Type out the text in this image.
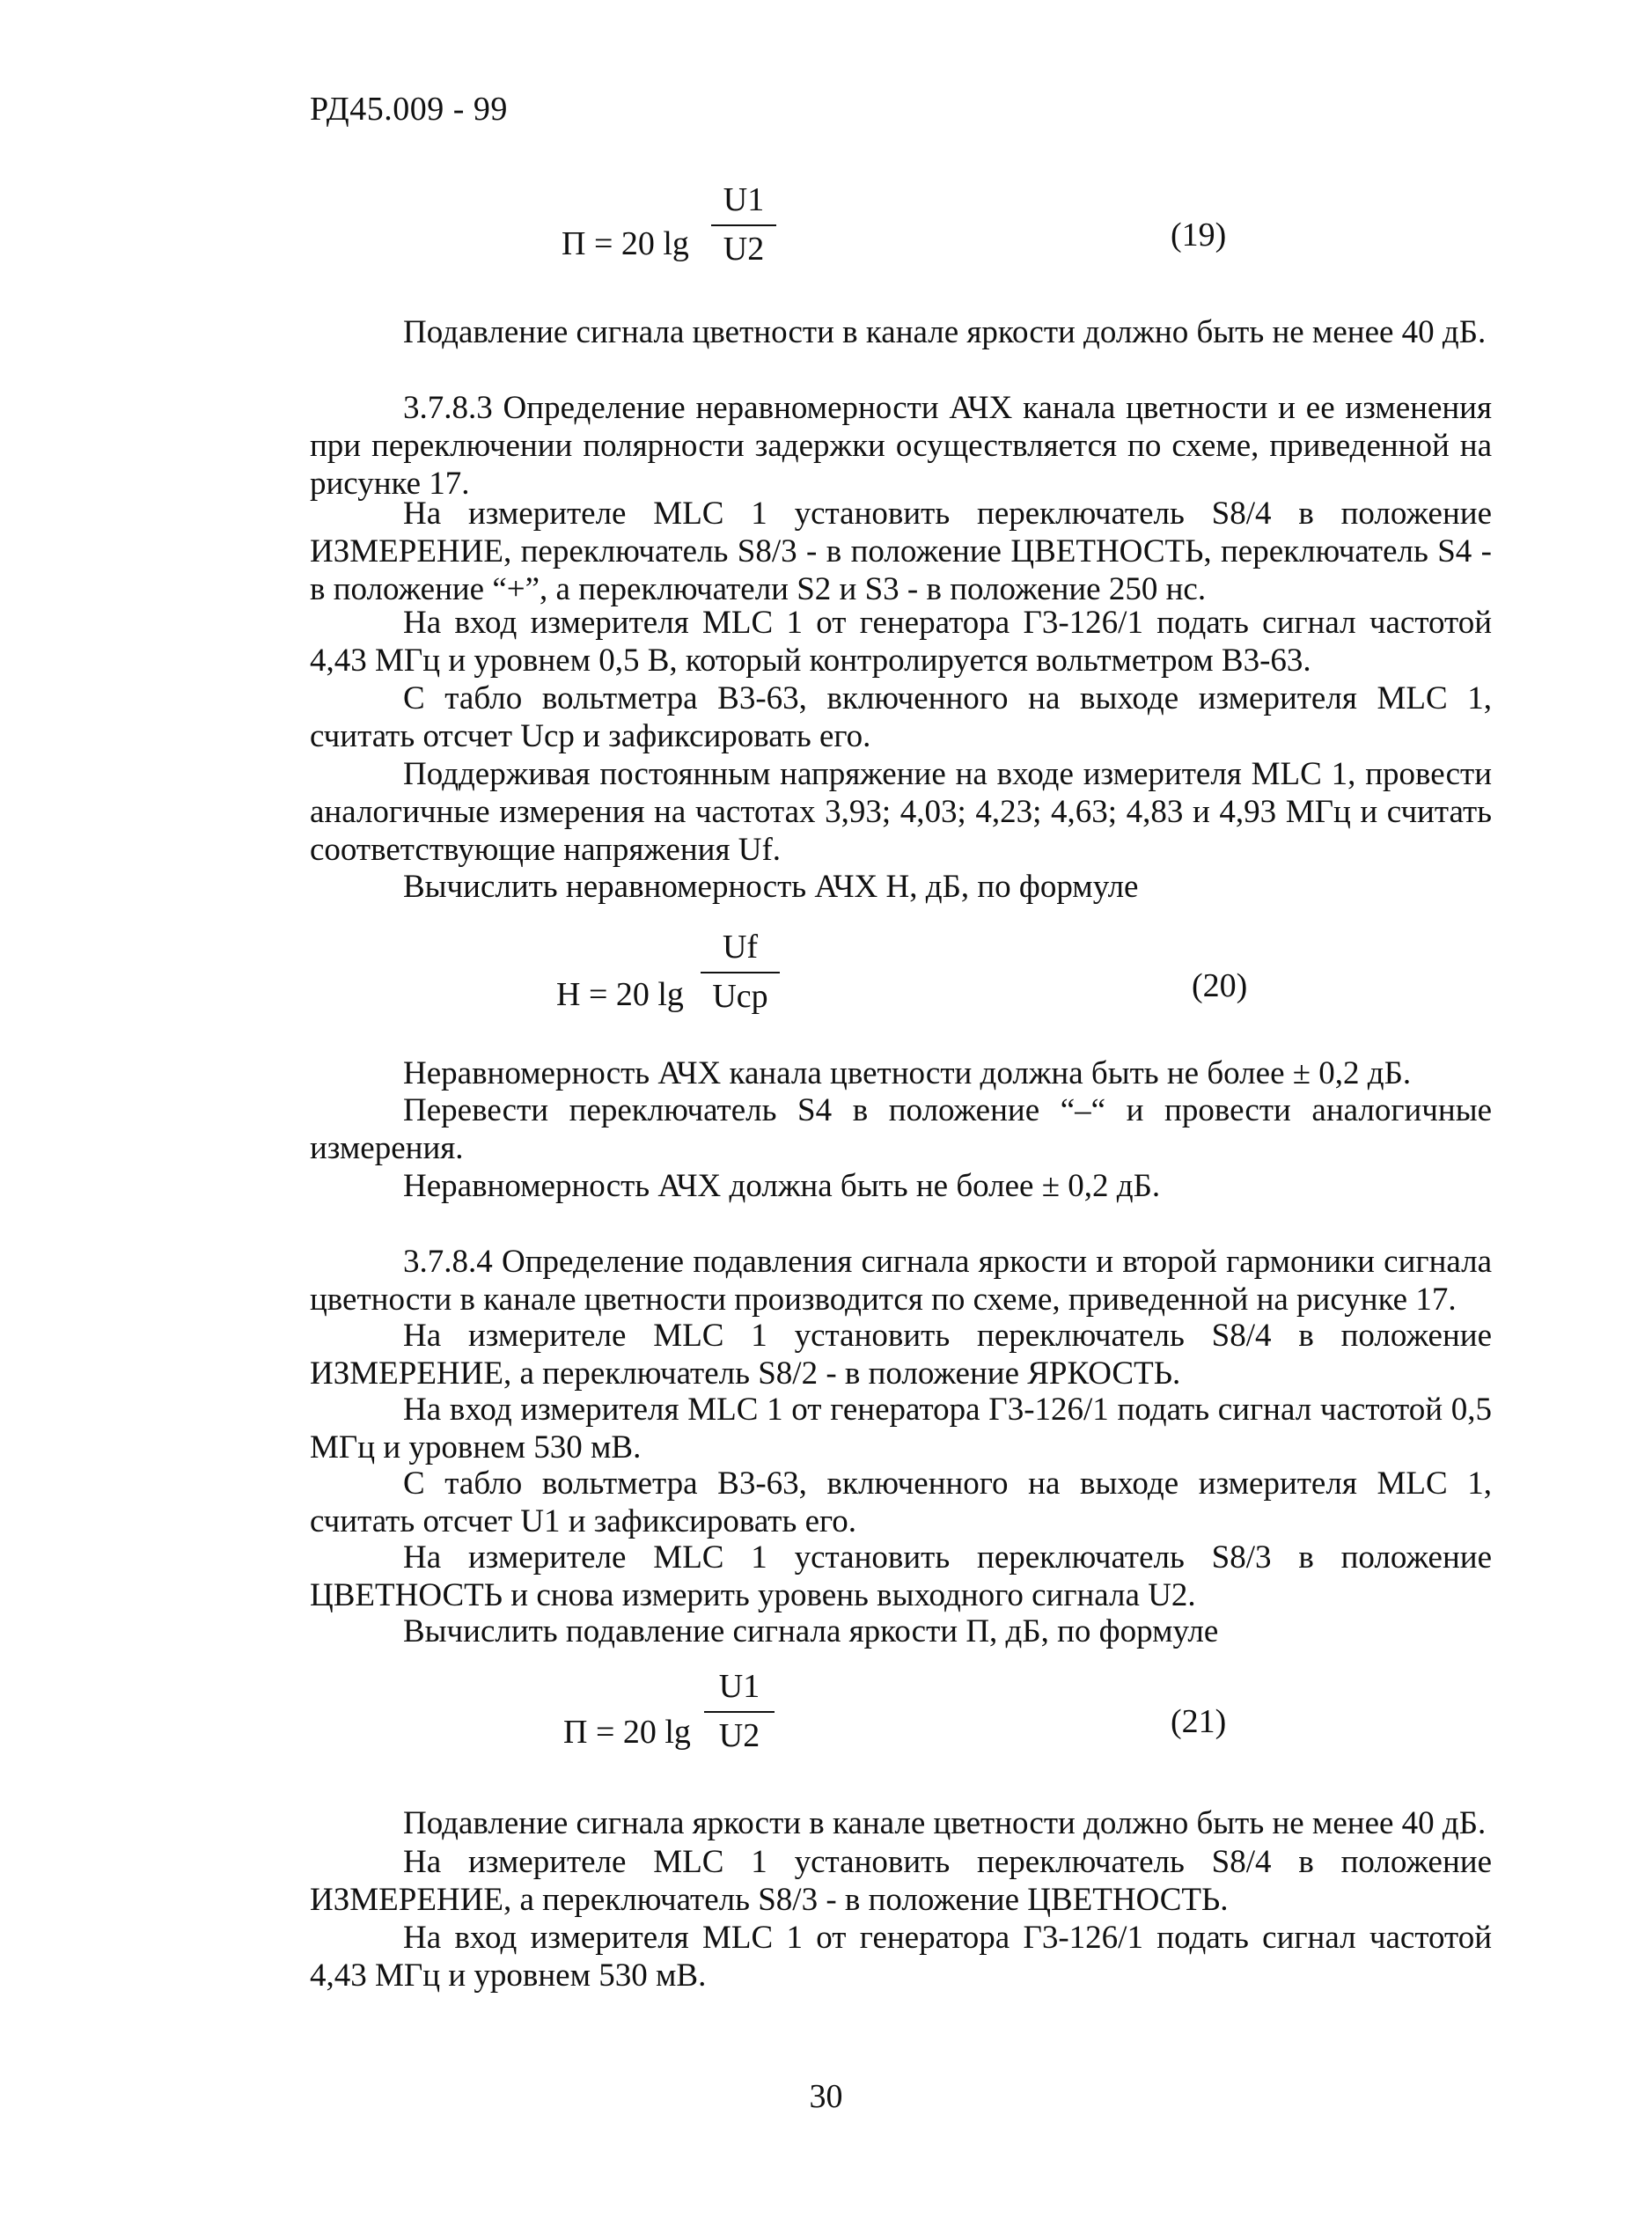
РД45.009 - 99
П = 20 lg
U1
U2	(19)
Подавление сигнала цветности в канале яркости должно быть не менее 40 дБ.
3.7.8.3 Определение неравномерности АЧХ канала цветности и ее изменения при переключении полярности задержки осуществляется по схеме, приведенной на рисунке 17.
На измерителе MLC 1 установить переключатель S8/4 в положение ИЗМЕРЕНИЕ, переключатель S8/3 - в положение ЦВЕТНОСТЬ, переключатель S4 - в положение “+”, а переключатели S2 и S3 - в положение 250 нс.
На вход измерителя MLC 1 от генератора Г3-126/1 подать сигнал частотой 4,43 МГц и уровнем 0,5 В, который контролируется вольтметром В3-63.
С табло вольтметра В3-63, включенного на выходе измерителя MLC 1, считать отсчет Ucp и зафиксировать его.
Поддерживая постоянным напряжение на входе измерителя MLC 1, провести аналогичные измерения на частотах 3,93; 4,03; 4,23; 4,63; 4,83 и 4,93 МГц и считать соответствующие напряжения Uf.
Вычислить неравномерность АЧХ Н, дБ, по формуле
Н = 20 lg
Uf
Ucp	(20)
Неравномерность АЧХ канала цветности должна быть не более ± 0,2 дБ.
Перевести переключатель S4 в положение “–“ и провести аналогичные измерения.
Неравномерность АЧХ должна быть не более ± 0,2 дБ.
3.7.8.4 Определение подавления сигнала яркости и второй гармоники сигнала цветности в канале цветности производится по схеме, приведенной на рисунке 17.
На измерителе MLC 1 установить переключатель S8/4 в положение ИЗМЕРЕНИЕ, а переключатель S8/2 - в положение ЯРКОСТЬ.
На вход измерителя MLC 1 от генератора Г3-126/1 подать сигнал частотой 0,5 МГц и уровнем 530 мВ.
С табло вольтметра В3-63, включенного на выходе измерителя MLC 1, считать отсчет U1 и зафиксировать его.
На измерителе MLC 1 установить переключатель S8/3 в положение ЦВЕТНОСТЬ и снова измерить уровень выходного сигнала U2.
Вычислить подавление сигнала яркости П, дБ, по формуле
П = 20 lg
U1
U2	(21)
Подавление сигнала яркости в канале цветности должно быть не менее 40 дБ.
На измерителе MLC 1 установить переключатель S8/4 в положение ИЗМЕРЕНИЕ, а переключатель S8/3 - в положение ЦВЕТНОСТЬ.
На вход измерителя MLC 1 от генератора Г3-126/1 подать сигнал частотой 4,43 МГц и уровнем 530 мВ.
30
